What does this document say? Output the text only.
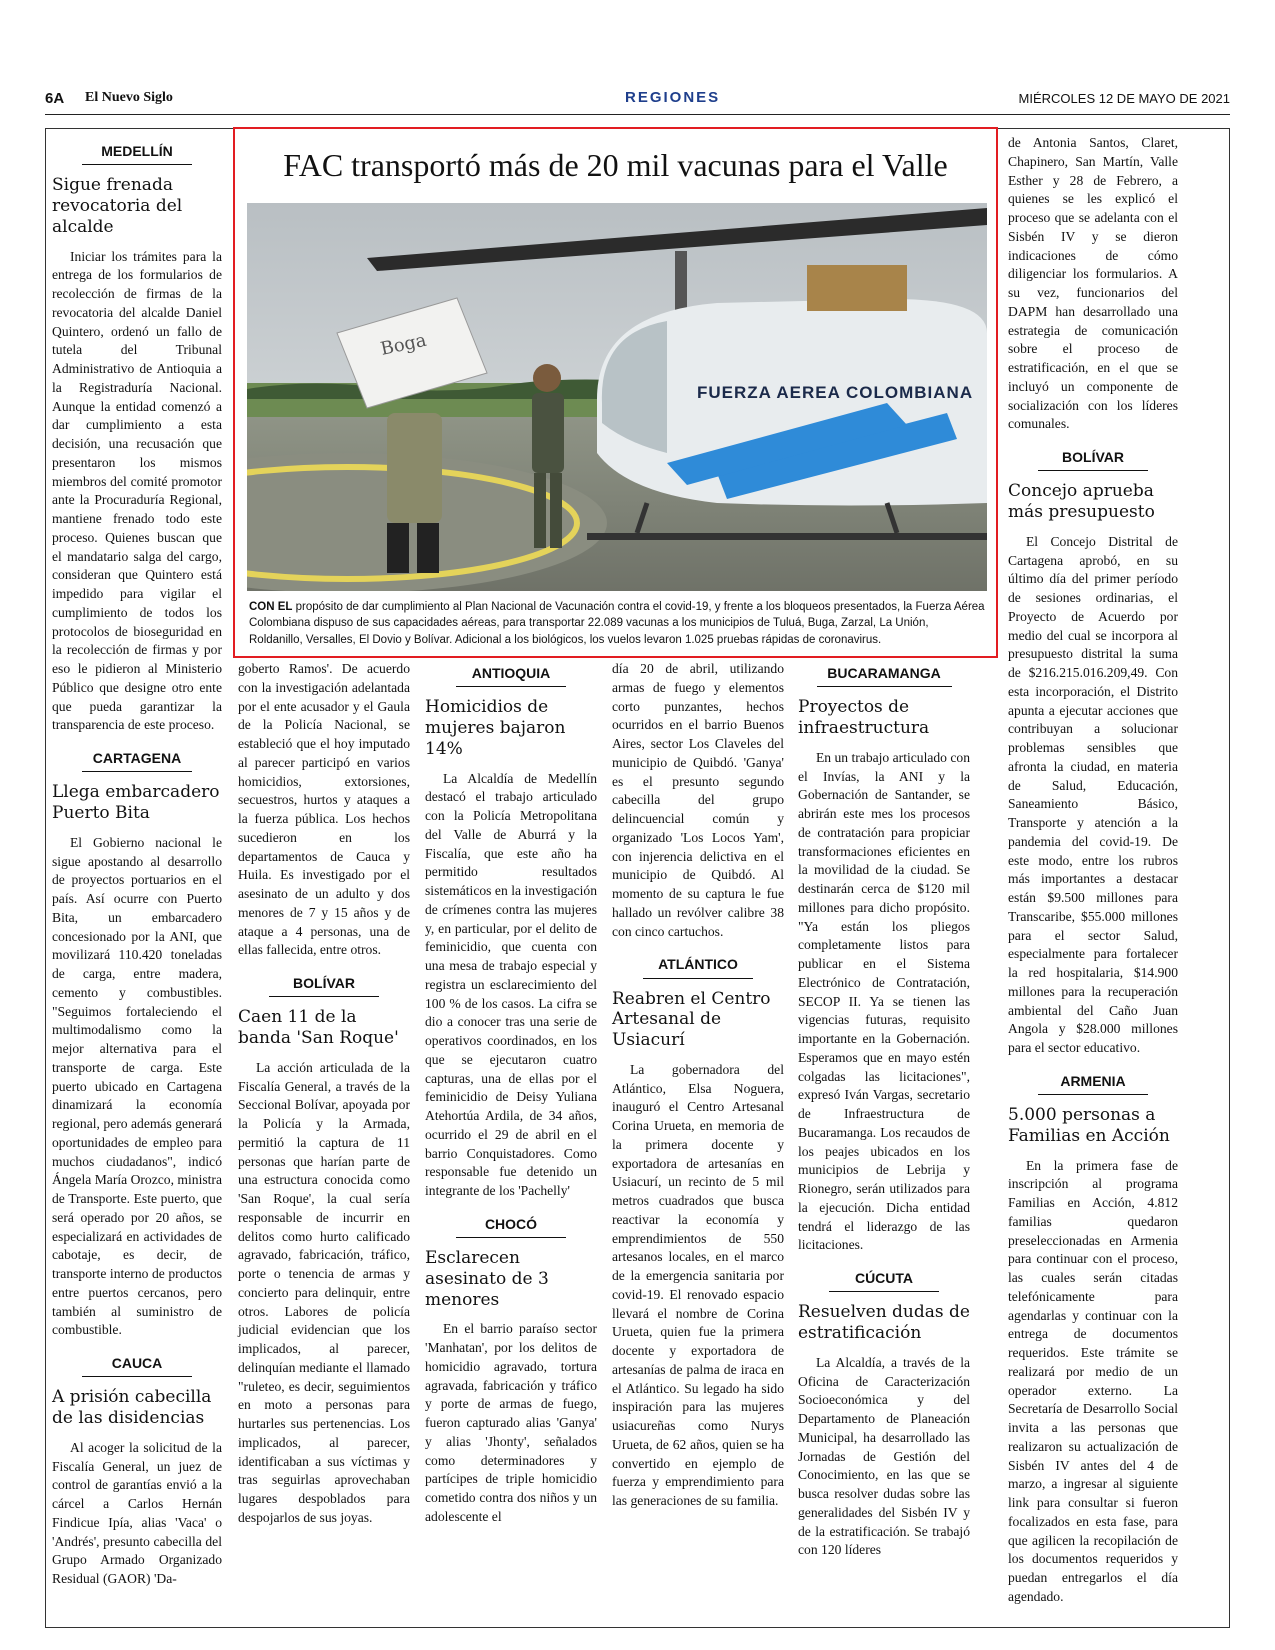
6A El Nuevo Siglo	REGIONES	MIÉRCOLES 12 DE MAYO DE 2021
MEDELLÍN
Sigue frenada revocatoria del alcalde

Iniciar los trámites para la entrega de los formularios de recolección de firmas de la revocatoria del alcalde Daniel Quintero, ordenó un fallo de tutela del Tribunal Administrativo de Antioquia a la Registraduría Nacional. Aunque la entidad comenzó a dar cumplimiento a esta decisión, una recusación que presentaron los mismos miembros del comité promotor ante la Procuraduría Regional, mantiene frenado todo este proceso. Quienes buscan que el mandatario salga del cargo, consideran que Quintero está impedido para vigilar el cumplimiento de todos los protocolos de bioseguridad en la recolección de firmas y por eso le pidieron al Ministerio Público que designe otro ente que pueda garantizar la transparencia de este proceso.

CARTAGENA
Llega embarcadero Puerto Bita

El Gobierno nacional le sigue apostando al desarrollo de proyectos portuarios en el país. Así ocurre con Puerto Bita, un embarcadero concesionado por la ANI, que movilizará 110.420 toneladas de carga, entre madera, cemento y combustibles. "Seguimos fortaleciendo el multimodalismo como la mejor alternativa para el transporte de carga. Este puerto ubicado en Cartagena dinamizará la economía regional, pero además generará oportunidades de empleo para muchos ciudadanos", indicó Ángela María Orozco, ministra de Transporte. Este puerto, que será operado por 20 años, se especializará en actividades de cabotaje, es decir, de transporte interno de productos entre puertos cercanos, pero también al suministro de combustible.

CAUCA
A prisión cabecilla de las disidencias

Al acoger la solicitud de la Fiscalía General, un juez de control de garantías envió a la cárcel a Carlos Hernán Findicue Ipía, alias 'Vaca' o 'Andrés', presunto cabecilla del Grupo Armado Organizado Residual (GAOR) 'Da-

FAC transportó más de 20 mil vacunas para el Valle
FUERZA AEREA COLOMBIANA
Boga
CON EL propósito de dar cumplimiento al Plan Nacional de Vacunación contra el covid-19, y frente a los bloqueos presentados, la Fuerza Aérea Colombiana dispuso de sus capacidades aéreas, para transportar 22.089 vacunas a los municipios de Tuluá, Buga, Zarzal, La Unión, Roldanillo, Versalles, El Dovio y Bolívar. Adicional a los biológicos, los vuelos levaron 1.025 pruebas rápidas de coronavirus.

goberto Ramos'. De acuerdo con la investigación adelantada por el ente acusador y el Gaula de la Policía Nacional, se estableció que el hoy imputado al parecer participó en varios homicidios, extorsiones, secuestros, hurtos y ataques a la fuerza pública. Los hechos sucedieron en los departamentos de Cauca y Huila. Es investigado por el asesinato de un adulto y dos menores de 7 y 15 años y de ataque a 4 personas, una de ellas fallecida, entre otros.

BOLÍVAR
Caen 11 de la banda 'San Roque'

La acción articulada de la Fiscalía General, a través de la Seccional Bolívar, apoyada por la Policía y la Armada, permitió la captura de 11 personas que harían parte de una estructura conocida como 'San Roque', la cual sería responsable de incurrir en delitos como hurto calificado agravado, fabricación, tráfico, porte o tenencia de armas y concierto para delinquir, entre otros. Labores de policía judicial evidencian que los implicados, al parecer, delinquían mediante el llamado "ruleteo, es decir, seguimientos en moto a personas para hurtarles sus pertenencias. Los implicados, al parecer, identificaban a sus víctimas y tras seguirlas aprovechaban lugares despoblados para despojarlos de sus joyas.

ANTIOQUIA
Homicidios de mujeres bajaron 14%

La Alcaldía de Medellín destacó el trabajo articulado con la Policía Metropolitana del Valle de Aburrá y la Fiscalía, que este año ha permitido resultados sistemáticos en la investigación de crímenes contra las mujeres y, en particular, por el delito de feminicidio, que cuenta con una mesa de trabajo especial y registra un esclarecimiento del 100 % de los casos. La cifra se dio a conocer tras una serie de operativos coordinados, en los que se ejecutaron cuatro capturas, una de ellas por el feminicidio de Deisy Yuliana Atehortúa Ardila, de 34 años, ocurrido el 29 de abril en el barrio Conquistadores. Como responsable fue detenido un integrante de los 'Pachelly'

CHOCÓ
Esclarecen asesinato de 3 menores

En el barrio paraíso sector 'Manhatan', por los delitos de homicidio agravado, tortura agravada, fabricación y tráfico y porte de armas de fuego, fueron capturado alias 'Ganya' y alias 'Jhonty', señalados como determinadores y partícipes de triple homicidio cometido contra dos niños y un adolescente el

día 20 de abril, utilizando armas de fuego y elementos corto punzantes, hechos ocurridos en el barrio Buenos Aires, sector Los Claveles del municipio de Quibdó. 'Ganya' es el presunto segundo cabecilla del grupo delincuencial común y organizado 'Los Locos Yam', con injerencia delictiva en el municipio de Quibdó. Al momento de su captura le fue hallado un revólver calibre 38 con cinco cartuchos.

ATLÁNTICO
Reabren el Centro Artesanal de Usiacurí

La gobernadora del Atlántico, Elsa Noguera, inauguró el Centro Artesanal Corina Urueta, en memoria de la primera docente y exportadora de artesanías en Usiacurí, un recinto de 5 mil metros cuadrados que busca reactivar la economía y emprendimientos de 550 artesanos locales, en el marco de la emergencia sanitaria por covid-19. El renovado espacio llevará el nombre de Corina Urueta, quien fue la primera docente y exportadora de artesanías de palma de iraca en el Atlántico. Su legado ha sido inspiración para las mujeres usiacureñas como Nurys Urueta, de 62 años, quien se ha convertido en ejemplo de fuerza y emprendimiento para las generaciones de su familia.

BUCARAMANGA
Proyectos de infraestructura

En un trabajo articulado con el Invías, la ANI y la Gobernación de Santander, se abrirán este mes los procesos de contratación para propiciar transformaciones eficientes en la movilidad de la ciudad. Se destinarán cerca de $120 mil millones para dicho propósito. "Ya están los pliegos completamente listos para publicar en el Sistema Electrónico de Contratación, SECOP II. Ya se tienen las vigencias futuras, requisito importante en la Gobernación. Esperamos que en mayo estén colgadas las licitaciones", expresó Iván Vargas, secretario de Infraestructura de Bucaramanga. Los recaudos de los peajes ubicados en los municipios de Lebrija y Rionegro, serán utilizados para la ejecución. Dicha entidad tendrá el liderazgo de las licitaciones.

CÚCUTA
Resuelven dudas de estratificación

La Alcaldía, a través de la Oficina de Caracterización Socioeconómica y del Departamento de Planeación Municipal, ha desarrollado las Jornadas de Gestión del Conocimiento, en las que se busca resolver dudas sobre las generalidades del Sisbén IV y de la estratificación. Se trabajó con 120 líderes

de Antonia Santos, Claret, Chapinero, San Martín, Valle Esther y 28 de Febrero, a quienes se les explicó el proceso que se adelanta con el Sisbén IV y se dieron indicaciones de cómo diligenciar los formularios. A su vez, funcionarios del DAPM han desarrollado una estrategia de comunicación sobre el proceso de estratificación, en el que se incluyó un componente de socialización con los líderes comunales.

BOLÍVAR
Concejo aprueba más presupuesto

El Concejo Distrital de Cartagena aprobó, en su último día del primer período de sesiones ordinarias, el Proyecto de Acuerdo por medio del cual se incorpora al presupuesto distrital la suma de $216.215.016.209,49. Con esta incorporación, el Distrito apunta a ejecutar acciones que contribuyan a solucionar problemas sensibles que afronta la ciudad, en materia de Salud, Educación, Saneamiento Básico, Transporte y atención a la pandemia del covid-19. De este modo, entre los rubros más importantes a destacar están $9.500 millones para Transcaribe, $55.000 millones para el sector Salud, especialmente para fortalecer la red hospitalaria, $14.900 millones para la recuperación ambiental del Caño Juan Angola y $28.000 millones para el sector educativo.

ARMENIA
5.000 personas a Familias en Acción

En la primera fase de inscripción al programa Familias en Acción, 4.812 familias quedaron preseleccionadas en Armenia para continuar con el proceso, las cuales serán citadas telefónicamente para agendarlas y continuar con la entrega de documentos requeridos. Este trámite se realizará por medio de un operador externo. La Secretaría de Desarrollo Social invita a las personas que realizaron su actualización de Sisbén IV antes del 4 de marzo, a ingresar al siguiente link para consultar si fueron focalizados en esta fase, para que agilicen la recopilación de los documentos requeridos y puedan entregarlos el día agendado.
